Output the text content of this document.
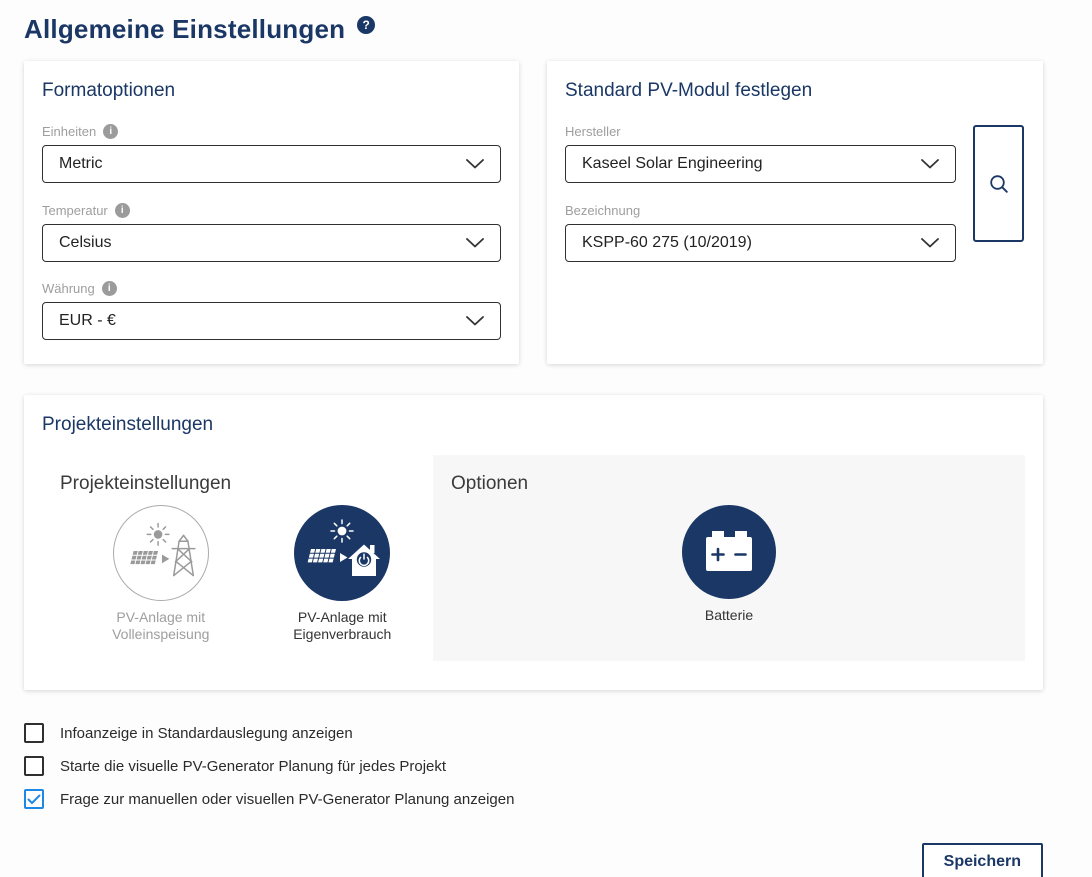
Allgemeine Einstellungen	?
Formatoptionen
Einheiten	i
Metric
Temperatur	i
Celsius
Währung	i
EUR - €
Standard PV-Modul festlegen
Hersteller
Kaseel Solar Engineering
Bezeichnung
KSPP-60 275 (10/2019)
Projekteinstellungen
Projekteinstellungen
PV-Anlage mit
Volleinspeisung
PV-Anlage mit
Eigenverbrauch
Optionen
Batterie
Infoanzeige in Standardauslegung anzeigen
Starte die visuelle PV-Generator Planung für jedes Projekt
Frage zur manuellen oder visuellen PV-Generator Planung anzeigen
Speichern
